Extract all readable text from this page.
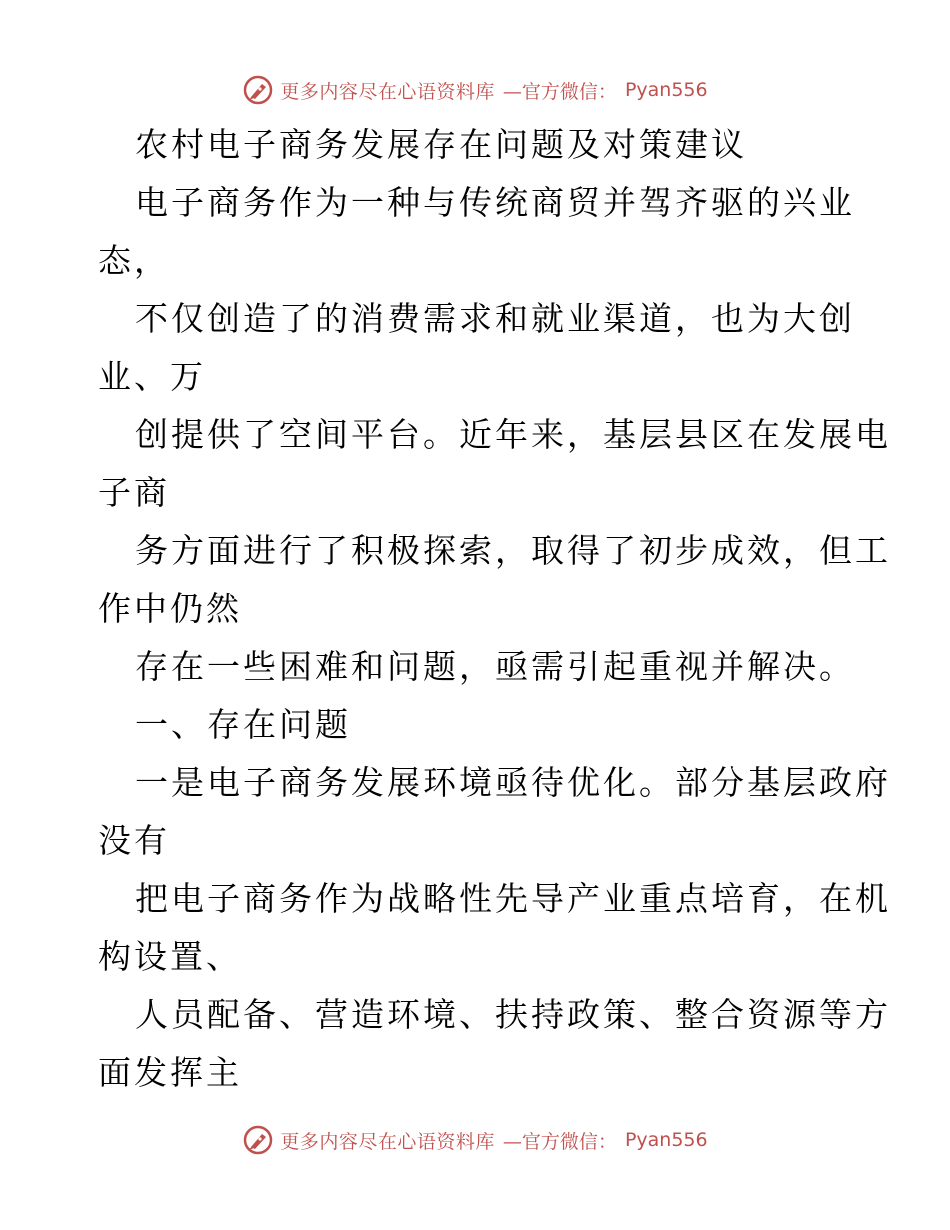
更多内容尽在心语资料库 —官方微信： Pyan556
农村电子商务发展存在问题及对策建议
电子商务作为一种与传统商贸并驾齐驱的兴业
态，
不仅创造了的消费需求和就业渠道，也为大创
业、万
创提供了空间平台。近年来，基层县区在发展电
子商
务方面进行了积极探索，取得了初步成效，但工
作中仍然
存在一些困难和问题，亟需引起重视并解决。
一、存在问题
一是电子商务发展环境亟待优化。部分基层政府
没有
把电子商务作为战略性先导产业重点培育，在机
构设置、
人员配备、营造环境、扶持政策、整合资源等方
面发挥主
更多内容尽在心语资料库 —官方微信： Pyan556
